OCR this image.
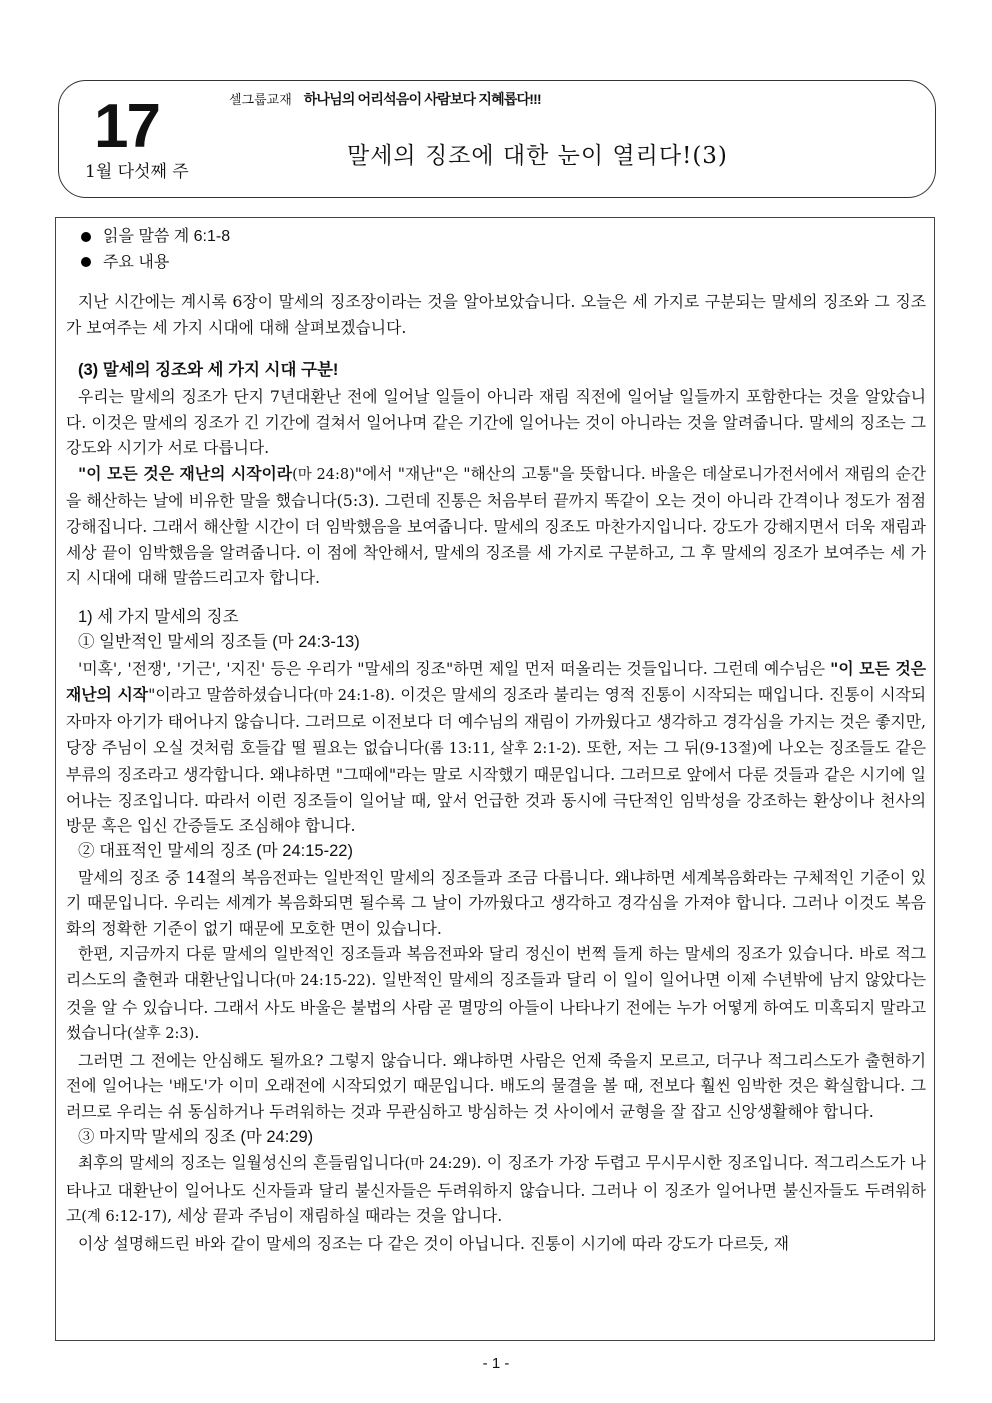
17
1월 다섯째 주
셀그룹교재 하나님의 어리석음이 사람보다 지혜롭다!!!
말세의 징조에 대한 눈이 열리다!(3)
읽을 말씀
계 6:1-8
주요 내용

지난 시간에는 계시록 6장이 말세의 징조장이라는 것을 알아보았습니다. 오늘은 세 가지로 구분되는 말세의 징조와 그 징조가 보여주는 세 가지 시대에 대해 살펴보겠습니다.

(3) 말세의 징조와 세 가지 시대 구분!

우리는 말세의 징조가 단지 7년대환난 전에 일어날 일들이 아니라 재림 직전에 일어날 일들까지 포함한다는 것을 알았습니다. 이것은 말세의 징조가 긴 기간에 걸쳐서 일어나며 같은 기간에 일어나는 것이 아니라는 것을 알려줍니다. 말세의 징조는 그 강도와 시기가 서로 다릅니다.

"이 모든 것은 재난의 시작이라(마 24:8)"에서 "재난"은 "해산의 고통"을 뜻합니다. 바울은 데살로니가전서에서 재림의 순간을 해산하는 날에 비유한 말을 했습니다(5:3). 그런데 진통은 처음부터 끝까지 똑같이 오는 것이 아니라 간격이나 정도가 점점 강해집니다. 그래서 해산할 시간이 더 임박했음을 보여줍니다. 말세의 징조도 마찬가지입니다. 강도가 강해지면서 더욱 재림과 세상 끝이 임박했음을 알려줍니다. 이 점에 착안해서, 말세의 징조를 세 가지로 구분하고, 그 후 말세의 징조가 보여주는 세 가지 시대에 대해 말씀드리고자 합니다.

1) 세 가지 말세의 징조
① 일반적인 말세의 징조들 (마 24:3-13)

'미혹', '전쟁', '기근', '지진' 등은 우리가 "말세의 징조"하면 제일 먼저 떠올리는 것들입니다. 그런데 예수님은 "이 모든 것은 재난의 시작"이라고 말씀하셨습니다(마 24:1-8). 이것은 말세의 징조라 불리는 영적 진통이 시작되는 때입니다. 진통이 시작되자마자 아기가 태어나지 않습니다. 그러므로 이전보다 더 예수님의 재림이 가까웠다고 생각하고 경각심을 가지는 것은 좋지만, 당장 주님이 오실 것처럼 호들갑 떨 필요는 없습니다(롬 13:11, 살후 2:1-2). 또한, 저는 그 뒤(9-13절)에 나오는 징조들도 같은 부류의 징조라고 생각합니다. 왜냐하면 "그때에"라는 말로 시작했기 때문입니다. 그러므로 앞에서 다룬 것들과 같은 시기에 일어나는 징조입니다. 따라서 이런 징조들이 일어날 때, 앞서 언급한 것과 동시에 극단적인 임박성을 강조하는 환상이나 천사의 방문 혹은 입신 간증들도 조심해야 합니다.

② 대표적인 말세의 징조 (마 24:15-22)

말세의 징조 중 14절의 복음전파는 일반적인 말세의 징조들과 조금 다릅니다. 왜냐하면 세계복음화라는 구체적인 기준이 있기 때문입니다. 우리는 세계가 복음화되면 될수록 그 날이 가까웠다고 생각하고 경각심을 가져야 합니다. 그러나 이것도 복음화의 정확한 기준이 없기 때문에 모호한 면이 있습니다.

한편, 지금까지 다룬 말세의 일반적인 징조들과 복음전파와 달리 정신이 번쩍 들게 하는 말세의 징조가 있습니다. 바로 적그리스도의 출현과 대환난입니다(마 24:15-22). 일반적인 말세의 징조들과 달리 이 일이 일어나면 이제 수년밖에 남지 않았다는 것을 알 수 있습니다. 그래서 사도 바울은 불법의 사람 곧 멸망의 아들이 나타나기 전에는 누가 어떻게 하여도 미혹되지 말라고 썼습니다(살후 2:3).

그러면 그 전에는 안심해도 될까요? 그렇지 않습니다. 왜냐하면 사람은 언제 죽을지 모르고, 더구나 적그리스도가 출현하기 전에 일어나는 '배도'가 이미 오래전에 시작되었기 때문입니다. 배도의 물결을 볼 때, 전보다 훨씬 임박한 것은 확실합니다. 그러므로 우리는 쉬 동심하거나 두려워하는 것과 무관심하고 방심하는 것 사이에서 균형을 잘 잡고 신앙생활해야 합니다.

③ 마지막 말세의 징조 (마 24:29)

최후의 말세의 징조는 일월성신의 흔들림입니다(마 24:29). 이 징조가 가장 두렵고 무시무시한 징조입니다. 적그리스도가 나타나고 대환난이 일어나도 신자들과 달리 불신자들은 두려워하지 않습니다. 그러나 이 징조가 일어나면 불신자들도 두려워하고(계 6:12-17), 세상 끝과 주님이 재림하실 때라는 것을 압니다.

이상 설명해드린 바와 같이 말세의 징조는 다 같은 것이 아닙니다. 진통이 시기에 따라 강도가 다르듯, 재

- 1 -
